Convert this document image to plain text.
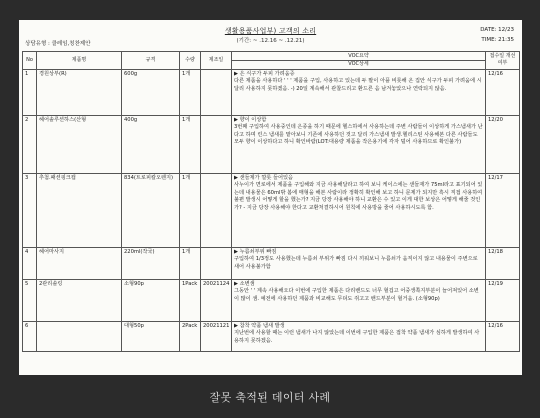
생활용품사업부) 고객의 소리
(기간: ~ .12.16 ~ .12.21)
상담유형 : 클레임,칭찬제안
DATE: 12/23
TIME: 21:35
No	제품명	규격	수량	제조일	VOC요약
VOC상세	접수일 개선여부
1	경원상부(R)	600g	1개		▶ 은 식구가 두피 가려움증
다른 제품을 사용하다 ' ' ' 제품을 구입, 사용하고 있는데 두 팔이 아플 비롯해 온 집안 식구가 두피 가려움에 시달리 사용하지 못하겠음. -) 20일 계속해서 관찰드리고 환드른 음 남겨놓았으나 연락되지 않음.	12/16
2	헤어솔루션하스(산형	400g	1개		▶ 향이 이상함
3번째 구입하여 사용중인데 은종을 하기 때문에 헬스하에서 사용하는데 주변 사람들이 이상하게 가스냄새가 난다고 하며 린스 냄새를 맡아보니 기존에 사용하던 것고 달리 가스냄새 발생.헬리스틴 사용해본 다른 사람들도 모두 향이 이상하다고 하니 확인바람(LOT:대용량 제품을 작은용기에 각자 덜어 사용하므로 확인불가)	12/20
3	추첨.패션핑크캡	834(트로피칼오렌지)	1개		▶ 샌들제가 깔롯 들어있음
사누이가 면로에서 제품을 구입해와 지금 사용해달라고 하여 보니 케이스에는 샌들재가 75ml라고 표기되어 있는데 내용물은 60ml밖 봄에 매형을 해본 사람이라 정확히 확인해 보고 하니 문제가 되지만 흑시 직접 사용하여 불편 발생시 어떻게 할을 했는가? 지금 당장 사용해야 하니 교환은 수 있고 이게 대한 보상은 어떻게 해줄 것인가? - 지금 당장 사용해야 한다고 교환처결하시어 원칙에 사용방을 줄어 사용하시도록 함.	12/17
4	헤어마사지	220ml(작국)	1개		▶ 누름쇠부위 빠짐
구입하여 1/3정도 사용했는데 누름쇠 부위가 빠짐 다시 끼워보니 누름쇠가 움직이지 않고 내용물이 주변으로 새어 사용불가함	12/18
5	2관리솔링	소형90p	1Pack	20021124	▶ 소변샘
그동안 ' ' 계속 사용해오다 이번에 구입한 제품은 다리밴드도 너무 헐겁고 어중생쪽지부분이 늘어져있어 소변이 많이 샘. 예전에 사용하던 제품과 비교해도 무뎌도 쥐고고 밴드부분이 헐거움. (소형90p)	12/19
6		대형50p	2Pack	20021121	▶ 참착 약품 냄새 발생
지난번에 사용할 때는 이런 냄새가 나지 않았는데 이번에 구입한 제품은 접착 약품 냄새가 심하게 발생하여 사용하지 못하겠음.	12/16
잘못 축적된 데이터 사례
